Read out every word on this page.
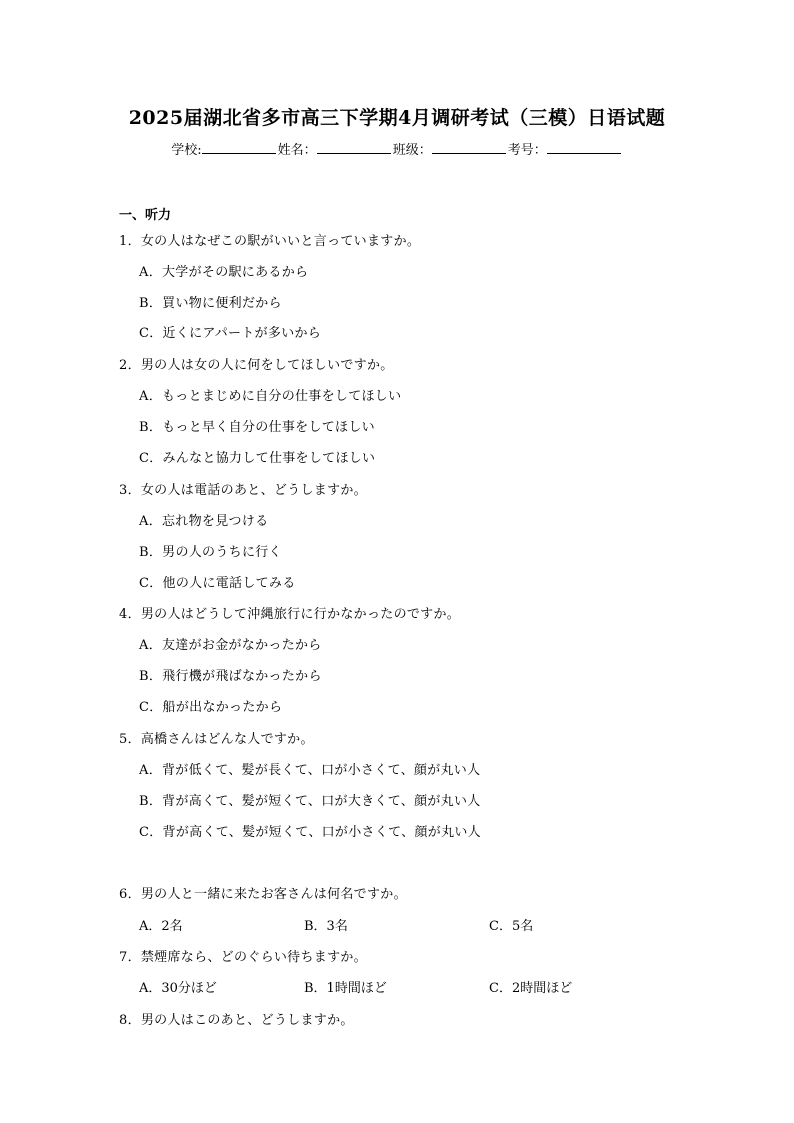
2025届湖北省多市高三下学期4月调研考试（三模）日语试题
学校:	姓名：	班级：	考号：
一、听力
1．女の人はなぜこの駅がいいと言っていますか。
A．大学がその駅にあるから
B．買い物に便利だから
C．近くにアパートが多いから
2．男の人は女の人に何をしてほしいですか。
A．もっとまじめに自分の仕事をしてほしい
B．もっと早く自分の仕事をしてほしい
C．みんなと協力して仕事をしてほしい
3．女の人は電話のあと、どうしますか。
A．忘れ物を見つける
B．男の人のうちに行く
C．他の人に電話してみる
4．男の人はどうして沖縄旅行に行かなかったのですか。
A．友達がお金がなかったから
B．飛行機が飛ばなかったから
C．船が出なかったから
5．高橋さんはどんな人ですか。
A．背が低くて、髪が長くて、口が小さくて、顔が丸い人
B．背が高くて、髪が短くて、口が大きくて、顔が丸い人
C．背が高くて、髪が短くて、口が小さくて、顔が丸い人
6．男の人と一緒に来たお客さんは何名ですか。
A．2名	B．3名	C．5名
7．禁煙席なら、どのぐらい待ちますか。
A．30分ほど	B．1時間ほど	C．2時間ほど
8．男の人はこのあと、どうしますか。
